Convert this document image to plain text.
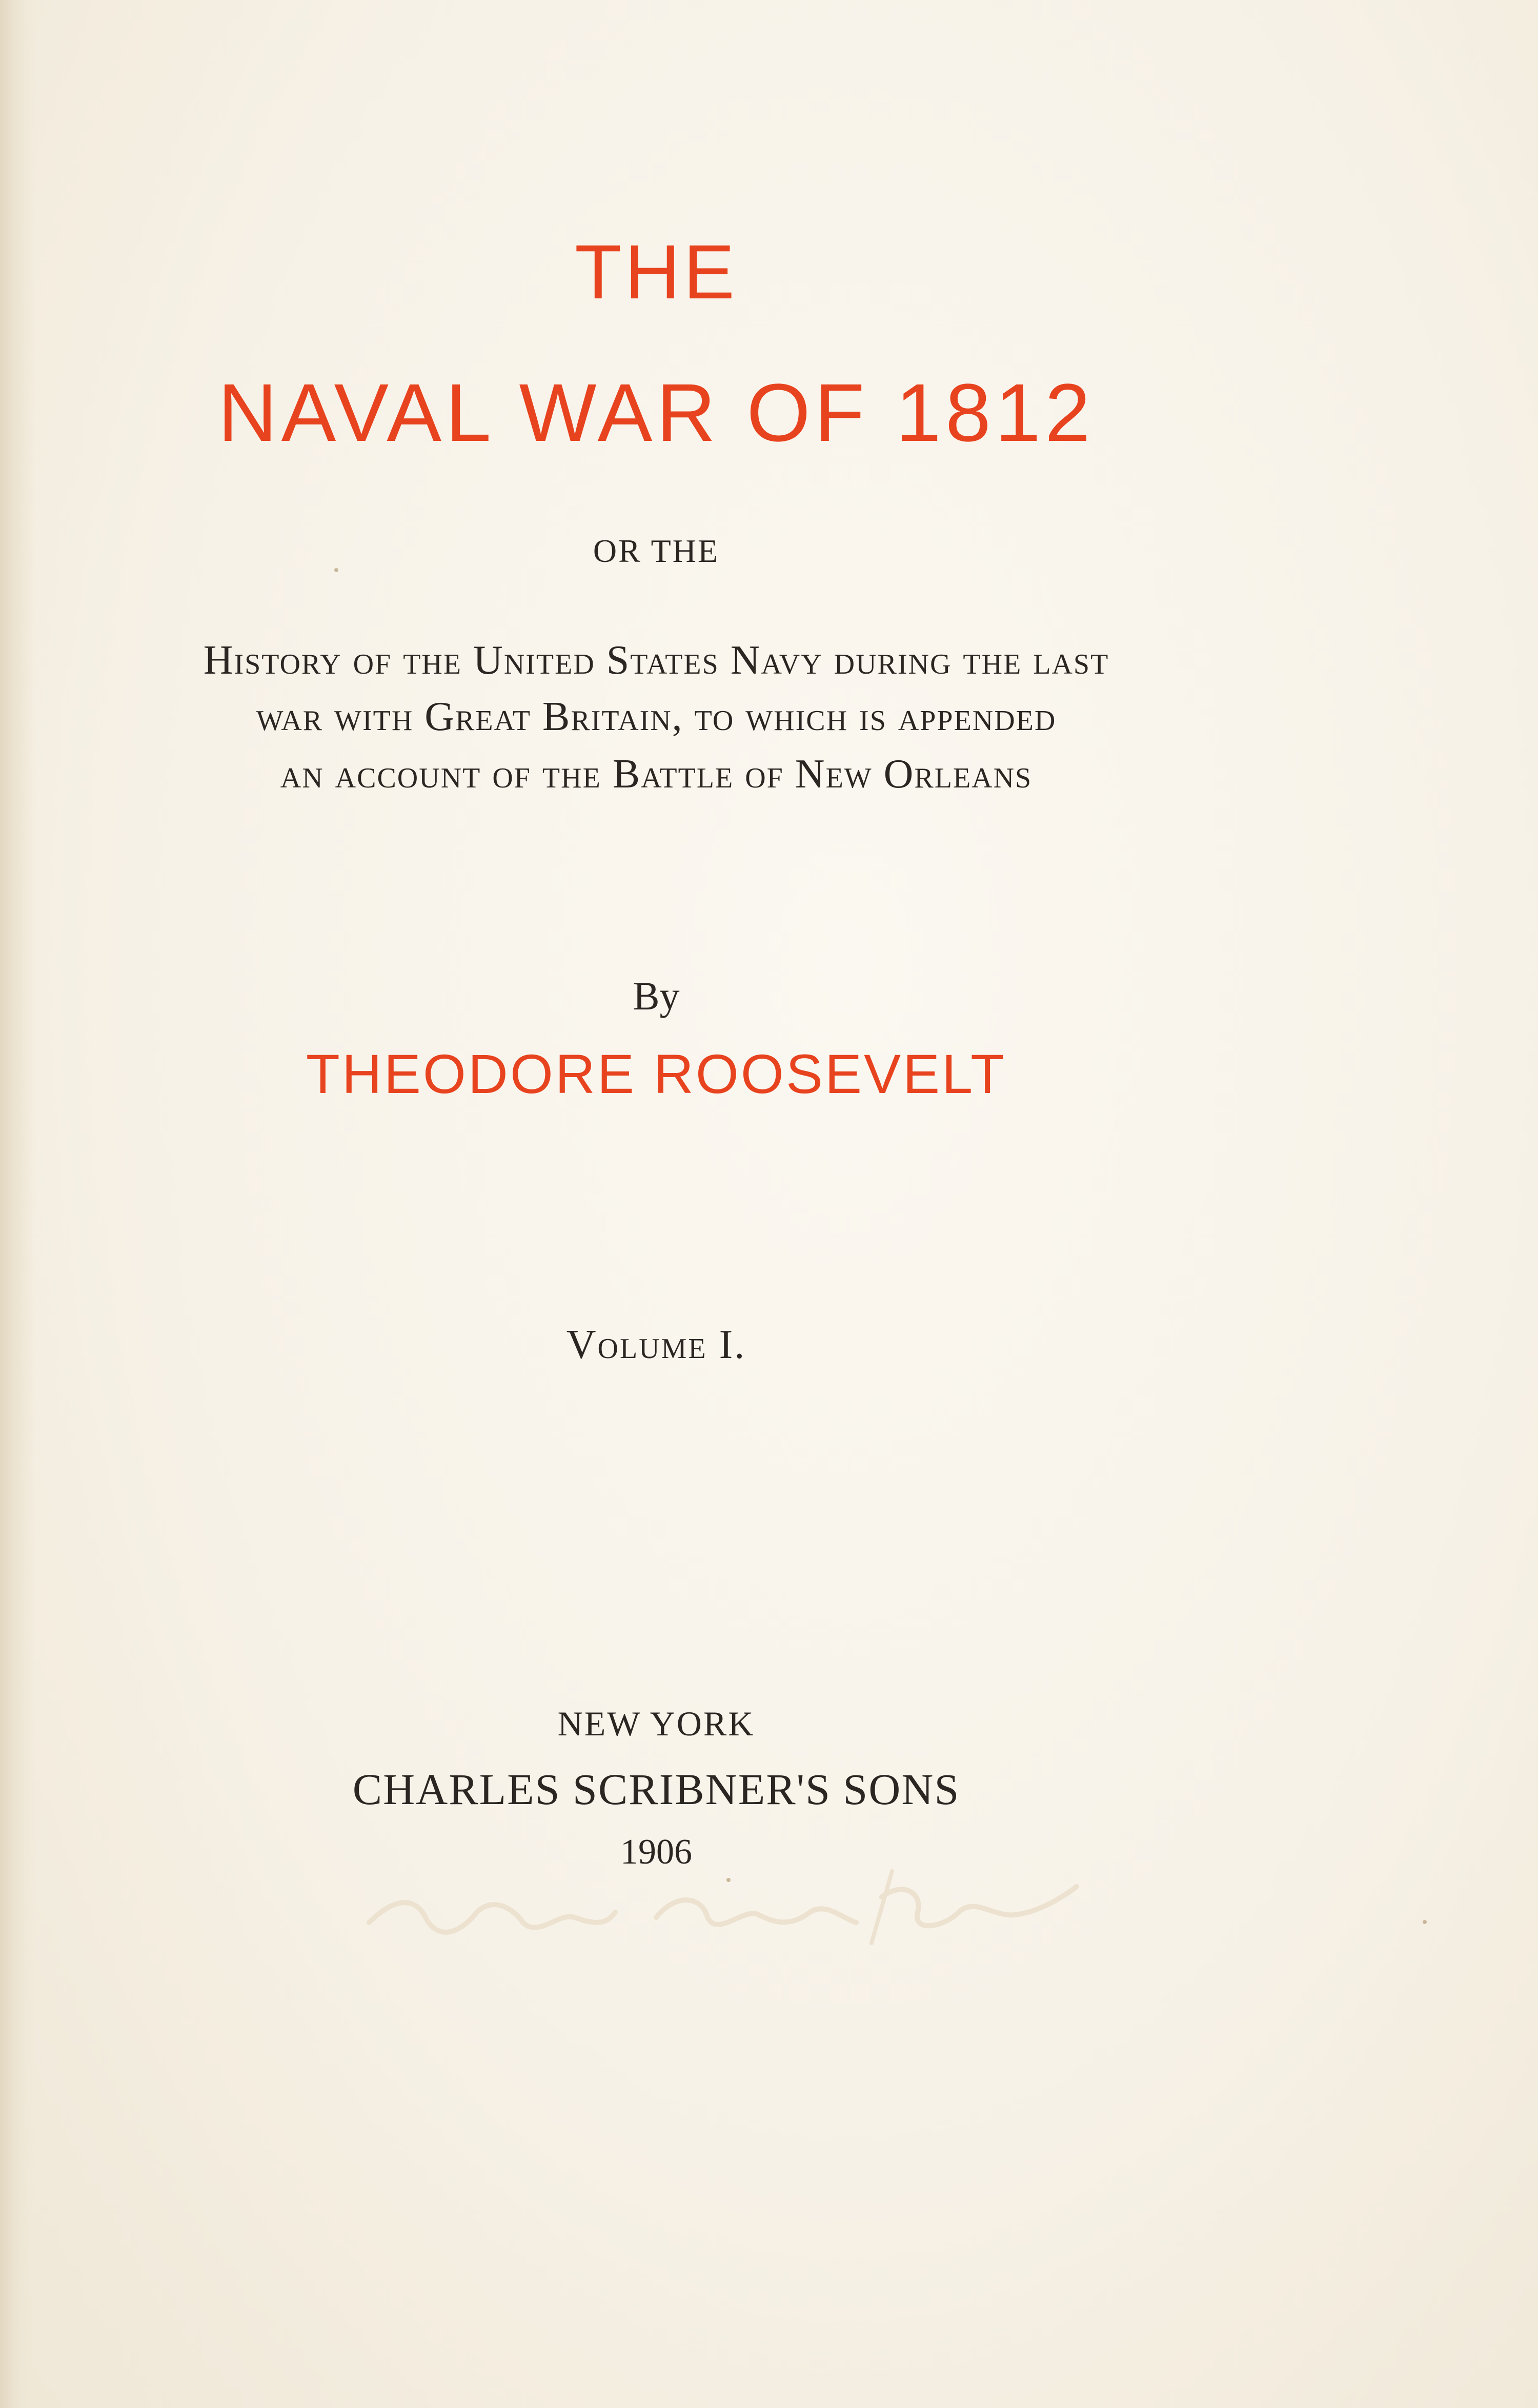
THE

NAVAL WAR OF 1812

OR THE

History of the United States Navy during the last

war with Great Britain, to which is appended

an account of the Battle of New Orleans

By

THEODORE ROOSEVELT

Volume I.

NEW YORK

CHARLES SCRIBNER'S SONS

1906
